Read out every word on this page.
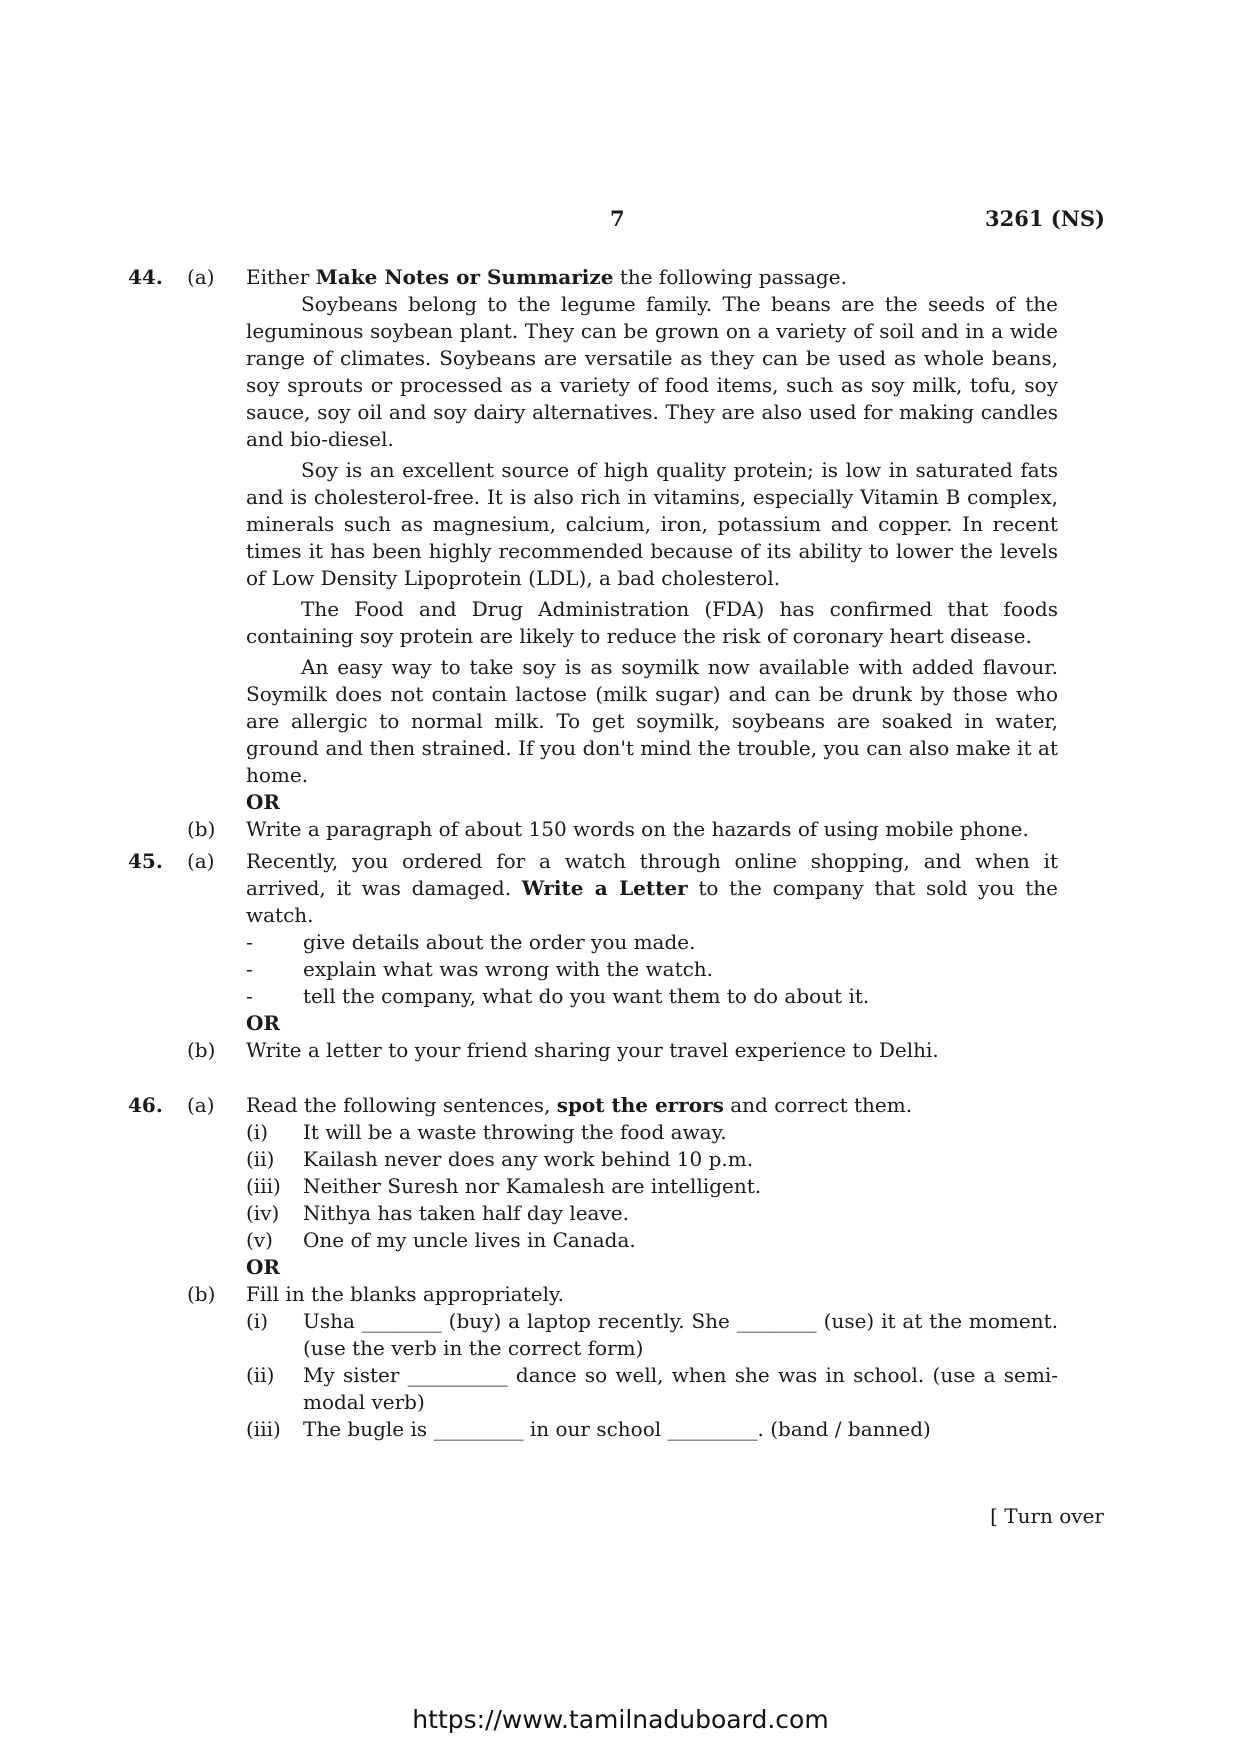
7	3261 (NS)
44. (a) Either Make Notes or Summarize the following passage.

Soybeans belong to the legume family. The beans are the seeds of the leguminous soybean plant. They can be grown on a variety of soil and in a wide range of climates. Soybeans are versatile as they can be used as whole beans, soy sprouts or processed as a variety of food items, such as soy milk, tofu, soy sauce, soy oil and soy dairy alternatives. They are also used for making candles and bio-diesel.

Soy is an excellent source of high quality protein; is low in saturated fats and is cholesterol-free. It is also rich in vitamins, especially Vitamin B complex, minerals such as magnesium, calcium, iron, potassium and copper. In recent times it has been highly recommended because of its ability to lower the levels of Low Density Lipoprotein (LDL), a bad cholesterol.

The Food and Drug Administration (FDA) has confirmed that foods containing soy protein are likely to reduce the risk of coronary heart disease.

An easy way to take soy is as soymilk now available with added flavour. Soymilk does not contain lactose (milk sugar) and can be drunk by those who are allergic to normal milk. To get soymilk, soybeans are soaked in water, ground and then strained. If you don't mind the trouble, you can also make it at home.

OR

(b) Write a paragraph of about 150 words on the hazards of using mobile phone.

45. (a) Recently, you ordered for a watch through online shopping, and when it arrived, it was damaged. Write a Letter to the company that sold you the watch.

-	give details about the order you made.
-	explain what was wrong with the watch.
-	tell the company, what do you want them to do about it.

OR

(b) Write a letter to your friend sharing your travel experience to Delhi.

46. (a) Read the following sentences, spot the errors and correct them.

(i)	It will be a waste throwing the food away.
(ii)	Kailash never does any work behind 10 p.m.
(iii)	Neither Suresh nor Kamalesh are intelligent.
(iv)	Nithya has taken half day leave.
(v)	One of my uncle lives in Canada.

OR

(b) Fill in the blanks appropriately.

(i)	Usha ________ (buy) a laptop recently. She ________ (use) it at the moment. (use the verb in the correct form)
(ii)	My sister __________ dance so well, when she was in school. (use a semi-modal verb)
(iii)	The bugle is _________ in our school _________. (band / banned)
[ Turn over
https://www.tamilnaduboard.com
